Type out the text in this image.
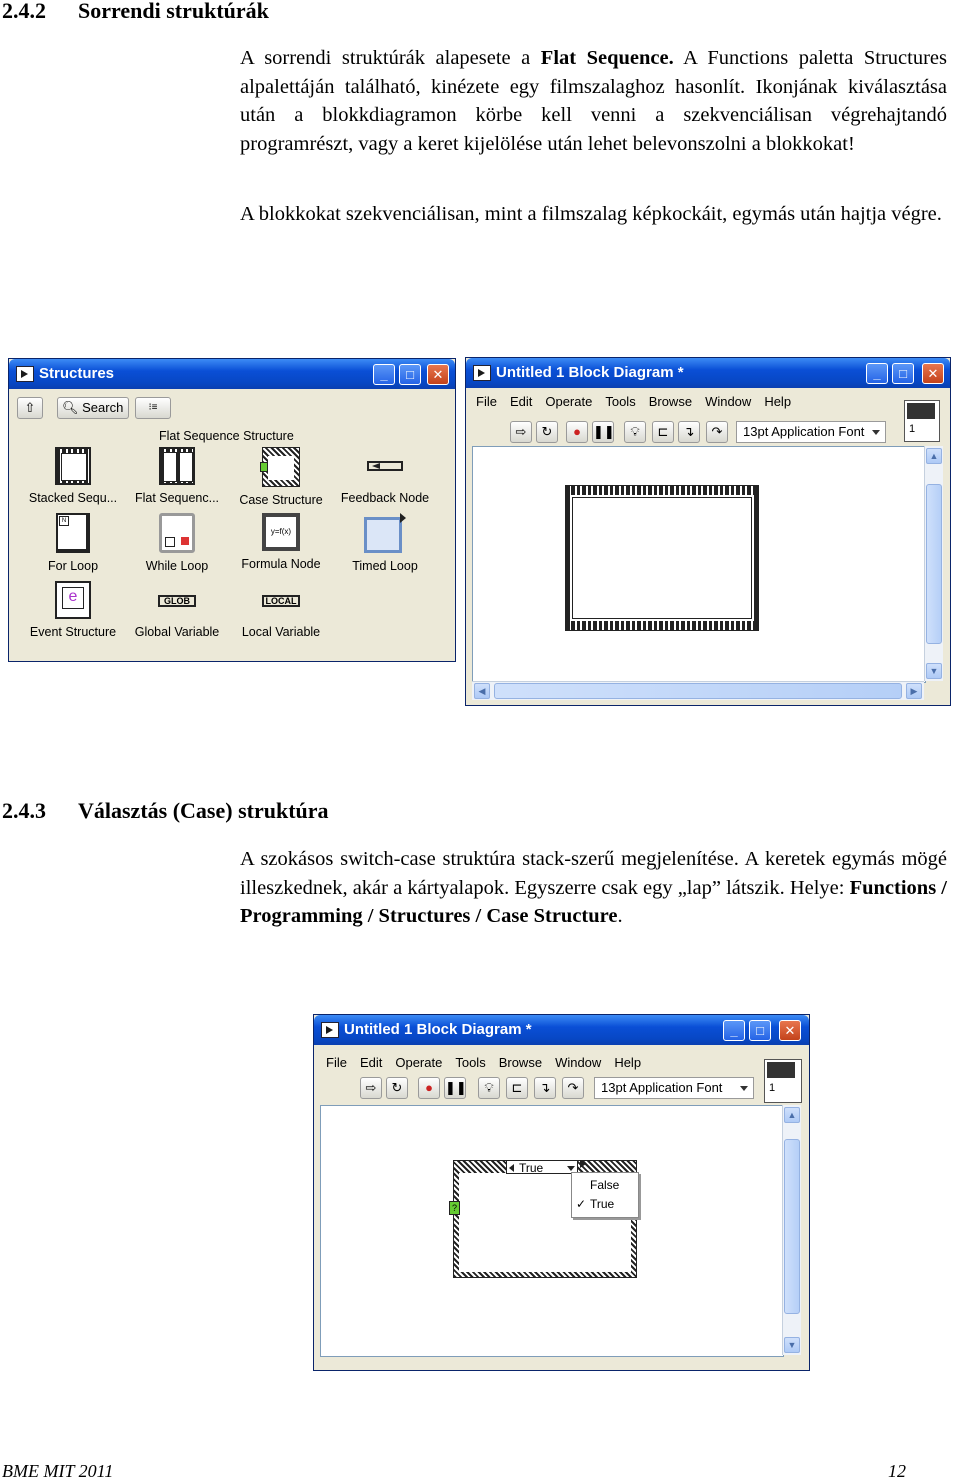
2.4.2 Sorrendi struktúrák
A sorrendi struktúrák alapesete a Flat Sequence. A Functions paletta Structures alpalettáján található, kinézete egy filmszalaghoz hasonlít. Ikonjának kiválasztása után a blokkdiagramon körbe kell venni a szekvenciálisan végrehajtandó programrészt, vagy a keret kijelölése után lehet belevonszolni a blokkokat!
A blokkokat szekvenciálisan, mint a filmszalag képkockáit, egymás után hajtja végre.
Structures	_	□	✕
⇧	🔍︎ Search	⁝≡
Flat Sequence Structure
Stacked Sequ...	Flat Sequenc...	Case Structure	Feedback Node
N
For Loop	While Loop
y=f(x)
Formula Node	Timed Loop
e
Event Structure
GLOB
Global Variable
LOCAL
Local Variable
Untitled 1 Block Diagram *	_	□	✕
File Edit Operate Tools Browse Window Help
⇨	↻	● ❚❚	💡︎	⊏	↴	↷	13pt Application Font	1
▲
▼
◀	▶
2.4.3 Választás (Case) struktúra
A szokásos switch-case struktúra stack-szerű megjelenítése. A keretek egymás mögé illeszkednek, akár a kártyalapok. Egyszerre csak egy „lap” látszik. Helye: Functions / Programming / Structures / Case Structure.
Untitled 1 Block Diagram *	_	□	✕
File Edit Operate Tools Browse Window Help
⇨	↻	● ❚❚	💡︎	⊏	↴	↷	13pt Application Font	1
?
True
False
✓ True
▲
▼
BME MIT 2011	12
